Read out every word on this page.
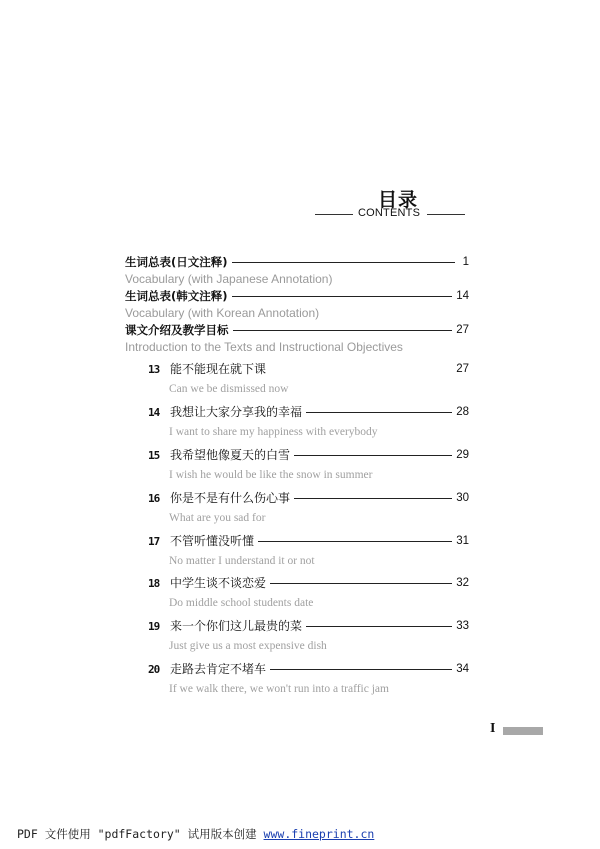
目录
CONTENTS
生词总表(日文注释)	1
Vocabulary (with Japanese Annotation)
生词总表(韩文注释)	14
Vocabulary (with Korean Annotation)
课文介绍及教学目标	27
Introduction to the Texts and Instructional Objectives
13 能不能现在就下课	27
Can we be dismissed now
14 我想让大家分享我的幸福	28
I want to share my happiness with everybody
15 我希望他像夏天的白雪	29
I wish he would be like the snow in summer
16 你是不是有什么伤心事	30
What are you sad for
17 不管听懂没听懂	31
No matter I understand it or not
18 中学生谈不谈恋爱	32
Do middle school students date
19 来一个你们这儿最贵的菜	33
Just give us a most expensive dish
20 走路去肯定不堵车	34
If we walk there, we won't run into a traffic jam
I
PDF 文件使用 "pdfFactory" 试用版本创建 www.fineprint.cn
